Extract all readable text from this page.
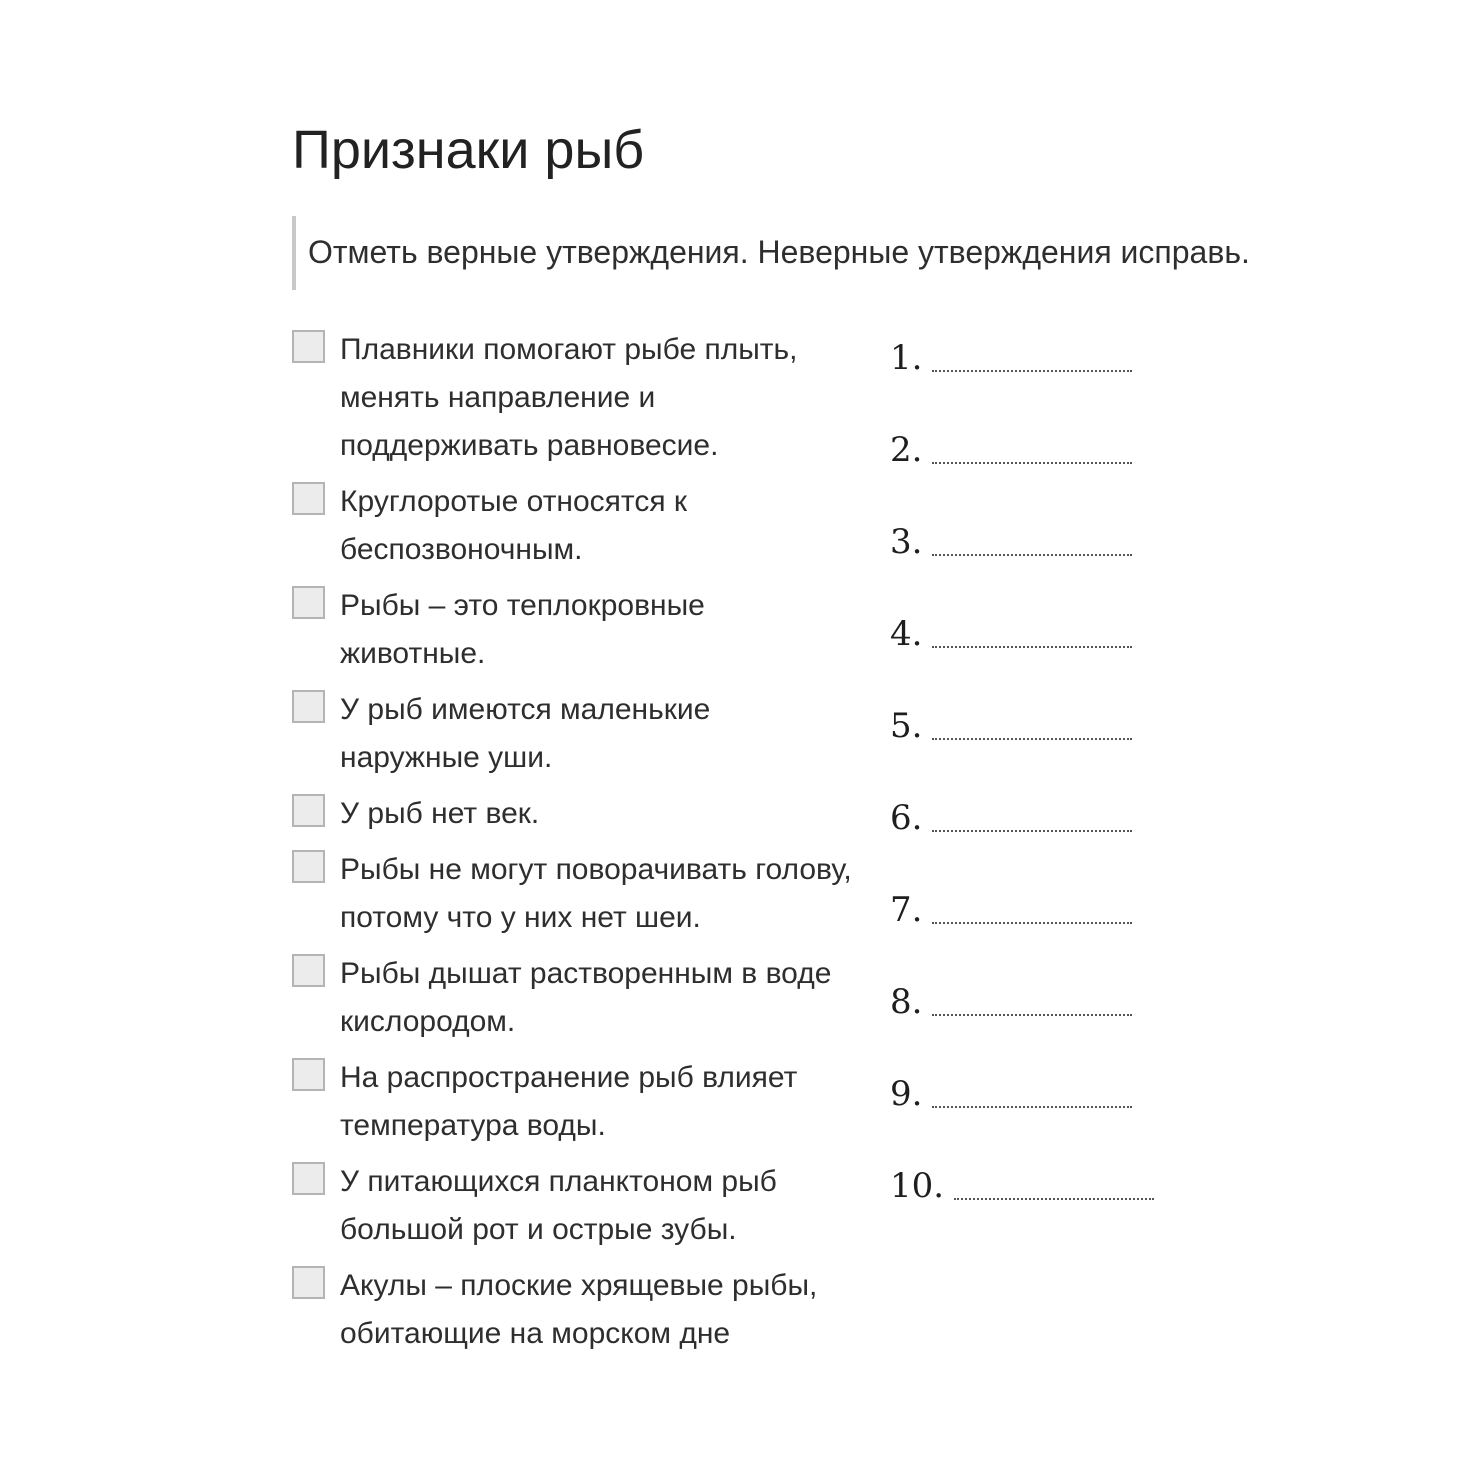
Признаки рыб
Отметь верные утверждения. Неверные утверждения исправь.
Плавники помогают рыбе плыть, менять направление и поддерживать равновесие.
Круглоротые относятся к беспозвоночным.
Рыбы – это теплокровные животные.
У рыб имеются маленькие наружные уши.
У рыб нет век.
Рыбы не могут поворачивать голову, потому что у них нет шеи.
Рыбы дышат растворенным в воде кислородом.
На распространение рыб влияет температура воды.
У питающихся планктоном рыб большой рот и острые зубы.
Акулы – плоские хрящевые рыбы, обитающие на морском дне
1.
2.
3.
4.
5.
6.
7.
8.
9.
10.
